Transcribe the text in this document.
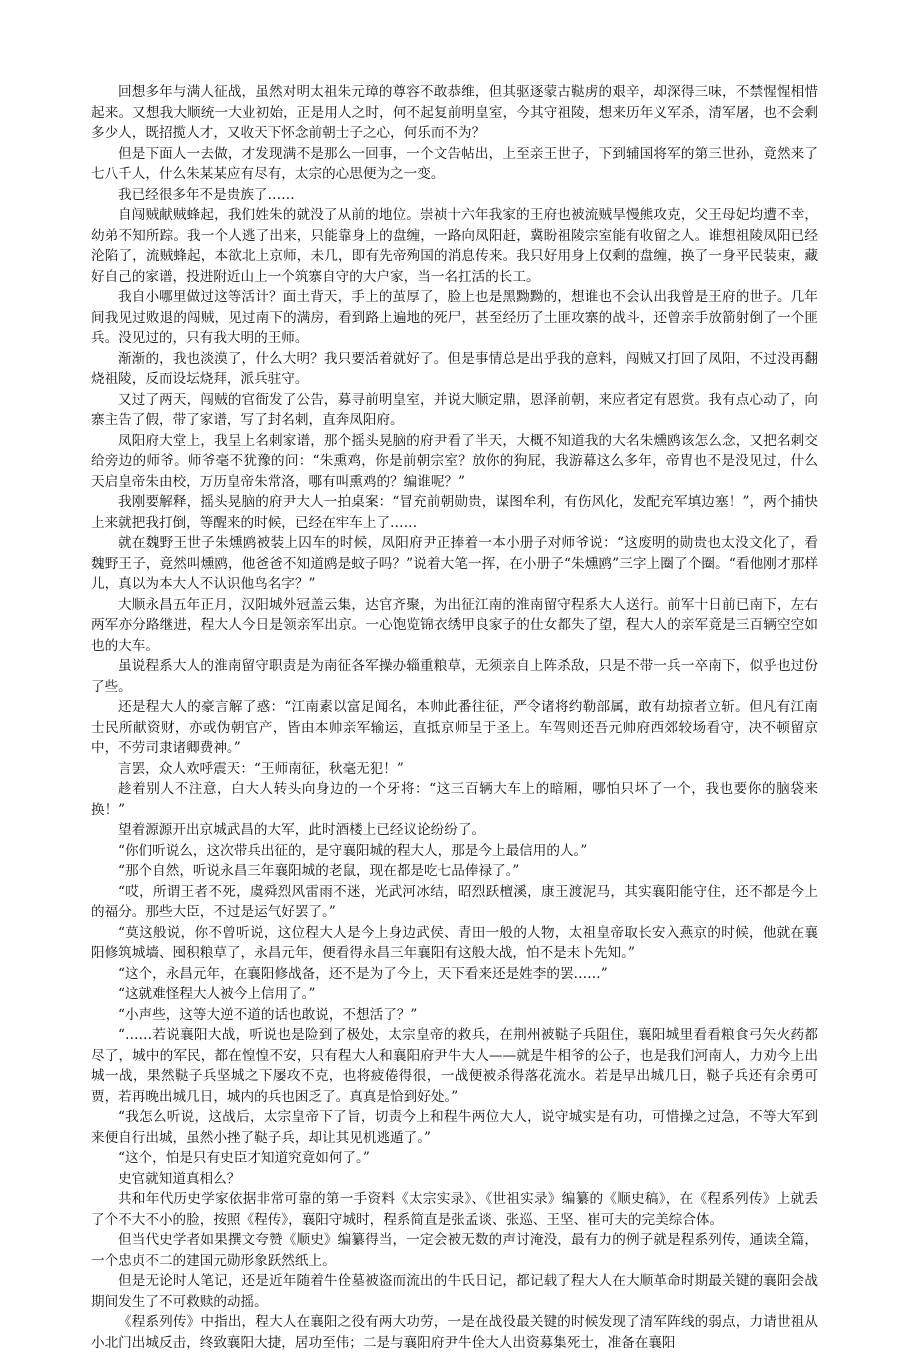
回想多年与满人征战，虽然对明太祖朱元璋的尊容不敢恭维，但其驱逐蒙古鞑虏的艰辛，却深得三味，不禁惺惺相惜起来。又想我大顺统一大业初始，正是用人之时，何不起复前明皇室，今其守祖陵，想来历年义军杀，清军屠，也不会剩多少人，既招揽人才，又收天下怀念前朝士子之心，何乐而不为？

但是下面人一去做，才发现满不是那么一回事，一个文告帖出，上至亲王世子，下到辅国将军的第三世孙，竟然来了七八千人，什么朱某某应有尽有，太宗的心思便为之一变。

我已经很多年不是贵族了……

自闯贼献贼蜂起，我们姓朱的就没了从前的地位。崇祯十六年我家的王府也被流贼旱慢熊攻克，父王母妃均遭不幸，幼弟不知所踪。我一个人逃了出来，只能靠身上的盘缠，一路向凤阳赶，冀盼祖陵宗室能有收留之人。谁想祖陵凤阳已经沦陷了，流贼蜂起，本欲北上京师，未几，即有先帝殉国的消息传来。我只好用身上仅剩的盘缠，换了一身平民装束，藏好自己的家谱，投进附近山上一个筑寨自守的大户家，当一名扛活的长工。

我自小哪里做过这等活计？面土背天，手上的茧厚了，脸上也是黑黝黝的，想谁也不会认出我曾是王府的世子。几年间我见过败退的闯贼，见过南下的满房，看到路上遍地的死尸，甚至经历了土匪攻寨的战斗，还曾亲手放箭射倒了一个匪兵。没见过的，只有我大明的王师。

渐渐的，我也淡漠了，什么大明？我只要活着就好了。但是事情总是出乎我的意料，闯贼又打回了凤阳，不过没再翻烧祖陵，反而设坛烧拜，派兵驻守。

又过了两天，闯贼的官衙发了公告，募寻前明皇室，并说大顺定鼎，恩泽前朝，来应者定有恩赏。我有点心动了，向寨主告了假，带了家谱，写了封名刺，直奔凤阳府。

凤阳府大堂上，我呈上名刺家谱，那个摇头晃脑的府尹看了半天，大概不知道我的大名朱燻鸥该怎么念，又把名刺交给旁边的师爷。师爷毫不犹豫的问：“朱熏鸡，你是前朝宗室？放你的狗屁，我游幕这么多年，帝胄也不是没见过，什么天启皇帝朱由校，万历皇帝朱常洛，哪有叫熏鸡的？编谁呢？”

我刚要解释，摇头晃脑的府尹大人一拍桌案：“冒充前朝勋贵，谋图牟利，有伤风化，发配充军填边塞！”，两个捕快上来就把我打倒，等醒来的时候，已经在牢车上了……

就在魏野王世子朱燻鸥被装上囚车的时候，凤阳府尹正捧着一本小册子对师爷说：“这废明的勋贵也太没文化了，看魏野王子，竟然叫燻鸥，他爸爸不知道鸥是蚊子吗？”说着大笔一挥，在小册子“朱燻鸥”三字上圈了个圈。“看他刚才那样儿，真以为本大人不认识他鸟名字？”

大顺永昌五年正月，汉阳城外冠盖云集，达官齐聚，为出征江南的淮南留守程系大人送行。前军十日前已南下，左右两军亦分路继进，程大人今日是领亲军出京。一心饱览锦衣绣甲良家子的仕女都失了望，程大人的亲军竟是三百辆空空如也的大车。

虽说程系大人的淮南留守职责是为南征各军操办辎重粮草，无须亲自上阵杀敌，只是不带一兵一卒南下，似乎也过份了些。

还是程大人的豪言解了惑：“江南素以富足闻名，本帅此番往征，严令诸将约勒部属，敢有劫掠者立斩。但凡有江南士民所献资财，亦或伪朝官产，皆由本帅亲军输运，直抵京师呈于圣上。车驾则还吾元帅府西郊较场看守，决不顿留京中，不劳司隶诸卿费神。”

言罢，众人欢呼震天：“王师南征，秋毫无犯！”

趁着别人不注意，白大人转头向身边的一个牙将：“这三百辆大车上的暗厢，哪怕只坏了一个，我也要你的脑袋来换！”

望着源源开出京城武昌的大军，此时酒楼上已经议论纷纷了。

“你们听说么，这次带兵出征的，是守襄阳城的程大人，那是今上最信用的人。”

“那个自然，听说永昌三年襄阳城的老鼠，现在都是吃七品俸禄了。”

“哎，所谓王者不死，虞舜烈风雷雨不迷，光武河冰结，昭烈跃檀溪，康王渡泥马，其实襄阳能守住，还不都是今上的福分。那些大臣，不过是运气好罢了。”

“莫这般说，你不曾听说，这位程大人是今上身边武侯、青田一般的人物，太祖皇帝取长安入燕京的时候，他就在襄阳修筑城墙、囤积粮草了，永昌元年，便看得永昌三年襄阳有这般大战，怕不是未卜先知。”

“这个，永昌元年，在襄阳修战备，还不是为了今上，天下看来还是姓李的罢……”

“这就难怪程大人被今上信用了。”

“小声些，这等大逆不道的话也敢说，不想活了？”

“……若说襄阳大战，听说也是险到了极处，太宗皇帝的救兵，在荆州被鞑子兵阻住，襄阳城里看看粮食弓矢火药都尽了，城中的军民，都在惶惶不安，只有程大人和襄阳府尹牛大人——就是牛相爷的公子，也是我们河南人，力劝今上出城一战，果然鞑子兵坚城之下屡攻不克，也将疲倦得很，一战便被杀得落花流水。若是早出城几日，鞑子兵还有余勇可贾，若再晚出城几日，城内的兵也困乏了。真真是恰到好处。”

“我怎么听说，这战后，太宗皇帝下了旨，切责今上和程牛两位大人，说守城实是有功，可惜操之过急，不等大军到来便自行出城，虽然小挫了鞑子兵，却让其见机逃遁了。”

“这个，怕是只有史臣才知道究竟如何了。”

史官就知道真相么？

共和年代历史学家依据非常可靠的第一手资料《太宗实录》、《世祖实录》编纂的《顺史稿》，在《程系列传》上就丢了个不大不小的脸，按照《程传》，襄阳守城时，程系简直是张孟谈、张巡、王坚、崔可夫的完美综合体。

但当代史学者如果撰文夸赞《顺史》编纂得当，一定会被无数的声讨淹没，最有力的例子就是程系列传，通读全篇，一个忠贞不二的建国元勋形象跃然纸上。

但是无论时人笔记，还是近年随着牛佺墓被盗而流出的牛氏日记，都记载了程大人在大顺革命时期最关键的襄阳会战期间发生了不可救赎的动摇。

《程系列传》中指出，程大人在襄阳之役有两大功劳，一是在战役最关键的时候发现了清军阵线的弱点，力请世祖从小北门出城反击，终致襄阳大捷，居功至伟；二是与襄阳府尹牛佺大人出资募集死士，准备在襄阳
